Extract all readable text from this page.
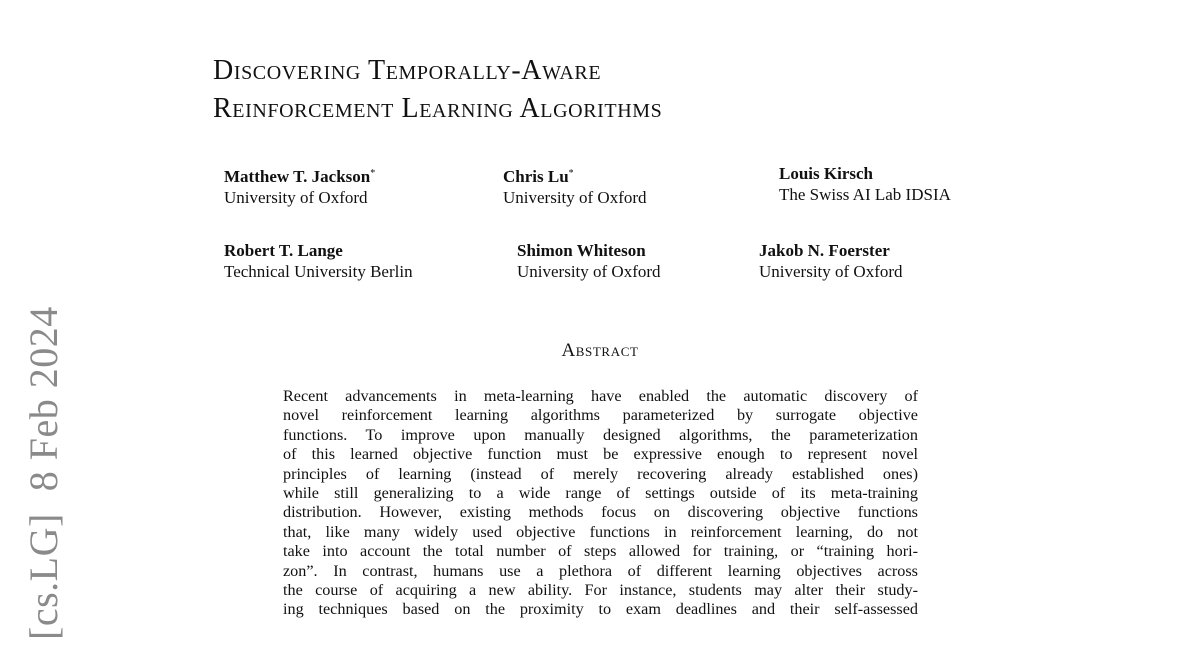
[cs.LG]8 Feb 2024
Discovering Temporally-Aware
Reinforcement Learning Algorithms
Matthew T. Jackson*
University of Oxford
Chris Lu*
University of Oxford
Louis Kirsch
The Swiss AI Lab IDSIA
Robert T. Lange
Technical University Berlin
Shimon Whiteson
University of Oxford
Jakob N. Foerster
University of Oxford
Abstract
Recent advancements in meta-learning have enabled the automatic discovery of
novel reinforcement learning algorithms parameterized by surrogate objective
functions. To improve upon manually designed algorithms, the parameterization
of this learned objective function must be expressive enough to represent novel
principles of learning (instead of merely recovering already established ones)
while still generalizing to a wide range of settings outside of its meta-training
distribution. However, existing methods focus on discovering objective functions
that, like many widely used objective functions in reinforcement learning, do not
take into account the total number of steps allowed for training, or “training hori-
zon”. In contrast, humans use a plethora of different learning objectives across
the course of acquiring a new ability. For instance, students may alter their study-
ing techniques based on the proximity to exam deadlines and their self-assessed
